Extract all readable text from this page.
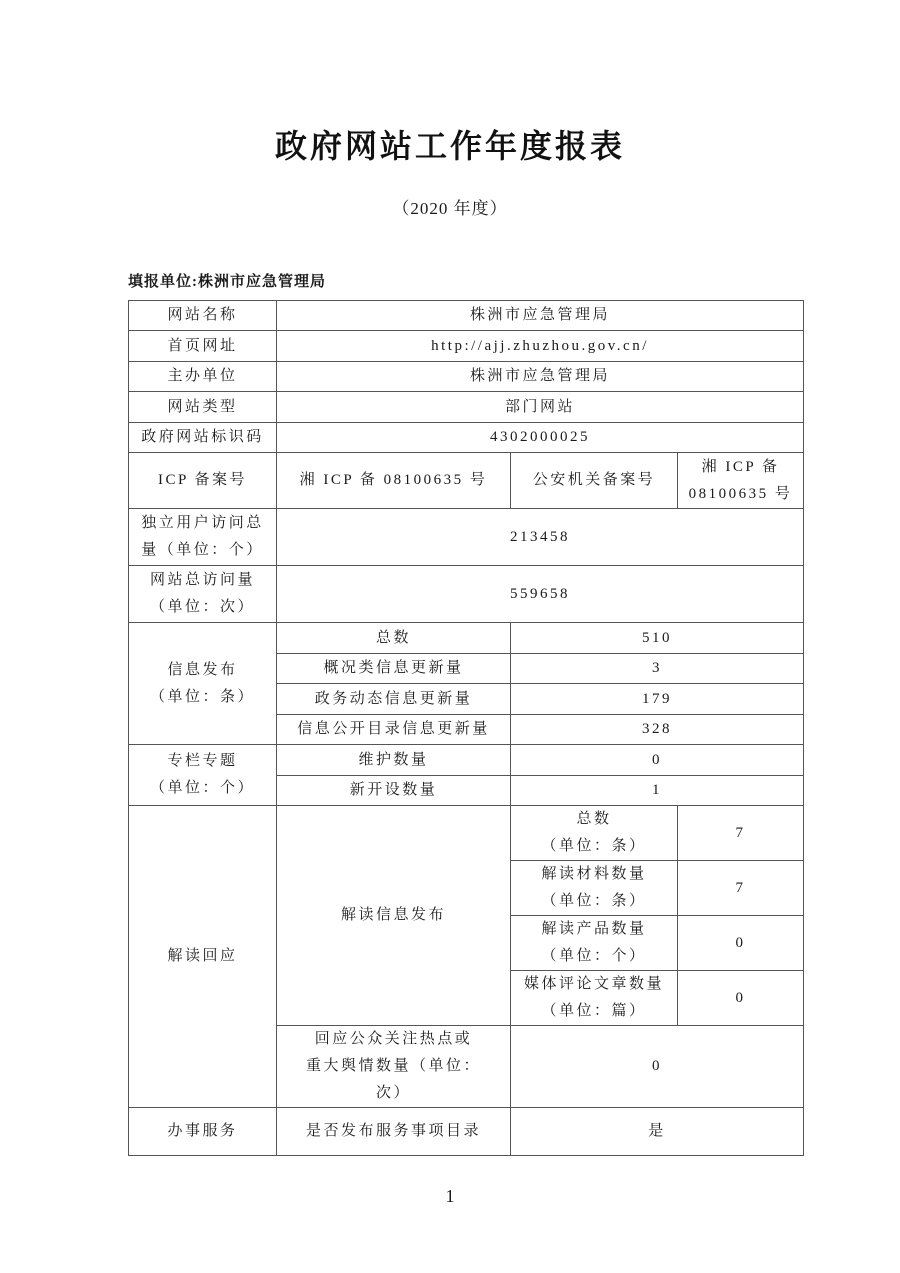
政府网站工作年度报表
（2020 年度）
填报单位:株洲市应急管理局
网站名称	株洲市应急管理局		
首页网址	http://ajj.zhuzhou.gov.cn/		
主办单位	株洲市应急管理局		
网站类型	部门网站		
政府网站标识码	4302000025		
ICP 备案号	湘 ICP 备 08100635 号	公安机关备案号	湘 ICP 备
08100635 号

独立用户访问总
量（单位：个）	213458		

网站总访问量
（单位：次）	559658		

信息发布
（单位：条）	总数	510	
	概况类信息更新量	3	
	政务动态信息更新量	179	
	信息公开目录信息更新量	328	

专栏专题
（单位：个）	维护数量	0	
	新开设数量	1	
解读回应	解读信息发布	总数
（单位：条）	7

		解读材料数量
（单位：条）	7

		解读产品数量
（单位：个）	0

		媒体评论文章数量
（单位：篇）	0

	回应公众关注热点或
重大舆情数量（单位：
次）	0	
办事服务	是否发布服务事项目录	是	
1
